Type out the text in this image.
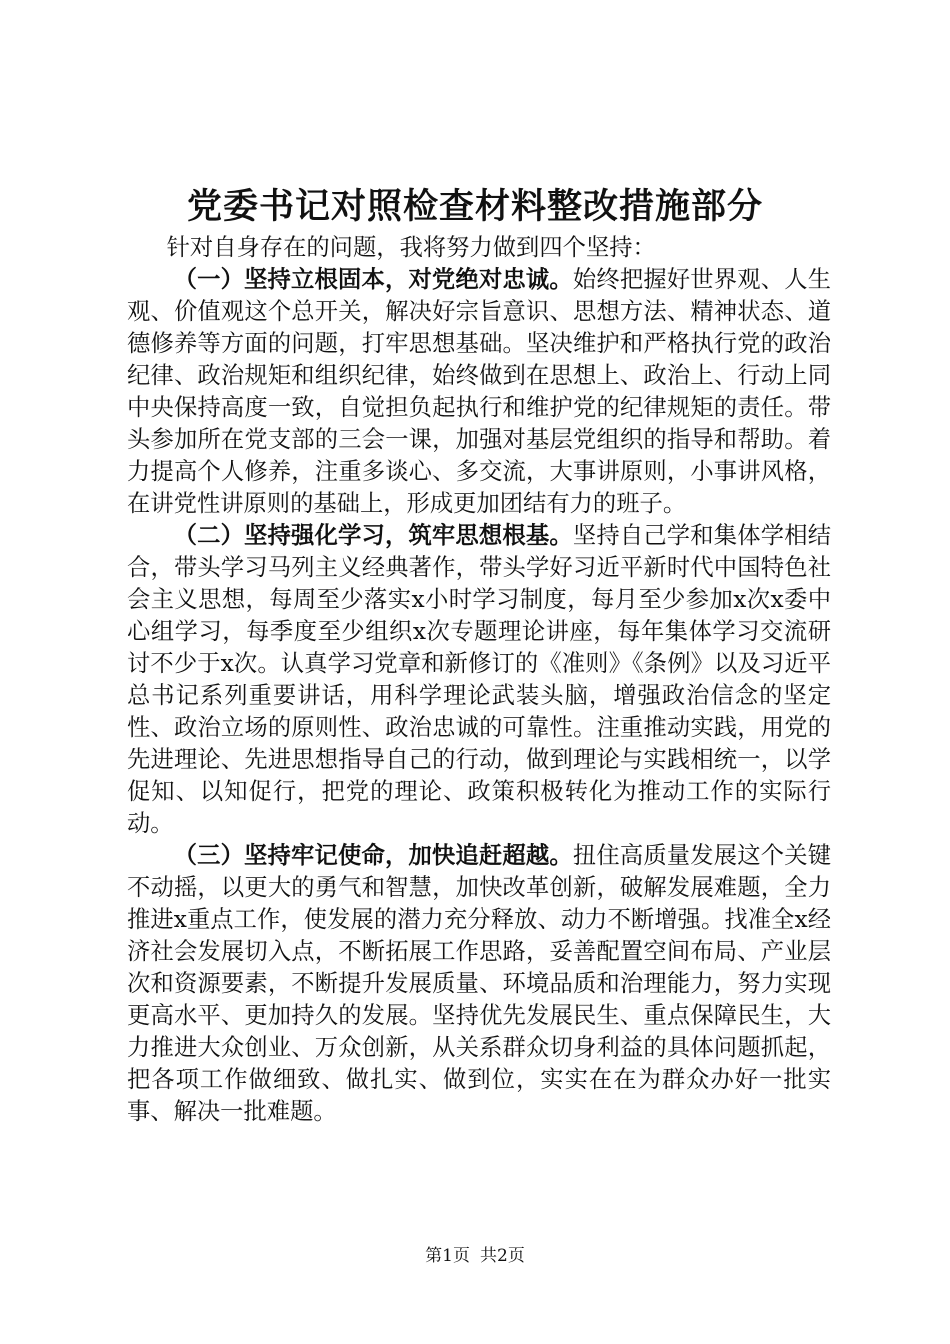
党委书记对照检查材料整改措施部分

针对自身存在的问题，我将努力做到四个坚持：

（一）坚持立根固本，对党绝对忠诚。始终把握好世界观、人生观、价值观这个总开关，解决好宗旨意识、思想方法、精神状态、道德修养等方面的问题，打牢思想基础。坚决维护和严格执行党的政治纪律、政治规矩和组织纪律，始终做到在思想上、政治上、行动上同中央保持高度一致，自觉担负起执行和维护党的纪律规矩的责任。带头参加所在党支部的三会一课，加强对基层党组织的指导和帮助。着力提高个人修养，注重多谈心、多交流，大事讲原则，小事讲风格，在讲党性讲原则的基础上，形成更加团结有力的班子。

（二）坚持强化学习，筑牢思想根基。坚持自己学和集体学相结合，带头学习马列主义经典著作，带头学好习近平新时代中国特色社会主义思想，每周至少落实x小时学习制度，每月至少参加x次x委中心组学习，每季度至少组织x次专题理论讲座，每年集体学习交流研讨不少于x次。认真学习党章和新修订的《准则》《条例》以及习近平总书记系列重要讲话，用科学理论武装头脑，增强政治信念的坚定性、政治立场的原则性、政治忠诚的可靠性。注重推动实践，用党的先进理论、先进思想指导自己的行动，做到理论与实践相统一，以学促知、以知促行，把党的理论、政策积极转化为推动工作的实际行动。

（三）坚持牢记使命，加快追赶超越。扭住高质量发展这个关键不动摇，以更大的勇气和智慧，加快改革创新，破解发展难题，全力推进x重点工作，使发展的潜力充分释放、动力不断增强。找准全x经济社会发展切入点，不断拓展工作思路，妥善配置空间布局、产业层次和资源要素，不断提升发展质量、环境品质和治理能力，努力实现更高水平、更加持久的发展。坚持优先发展民生、重点保障民生，大力推进大众创业、万众创新，从关系群众切身利益的具体问题抓起，把各项工作做细致、做扎实、做到位，实实在在为群众办好一批实事、解决一批难题。

第1页 共2页
